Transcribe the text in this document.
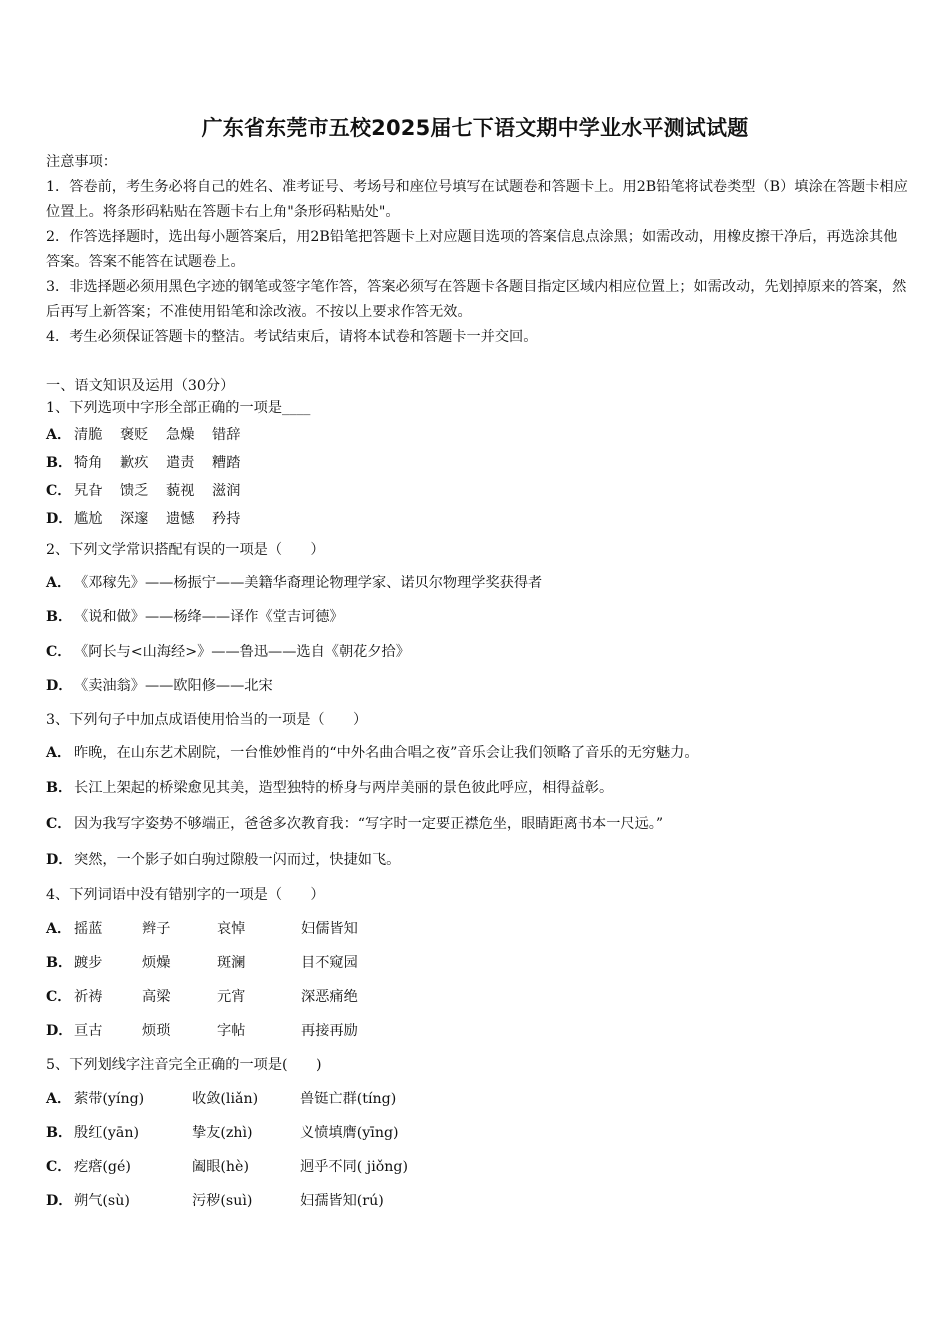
广东省东莞市五校2025届七下语文期中学业水平测试试题

注意事项：

1．答卷前，考生务必将自己的姓名、准考证号、考场号和座位号填写在试题卷和答题卡上。用2B铅笔将试卷类型（B）填涂在答题卡相应位置上。将条形码粘贴在答题卡右上角"条形码粘贴处"。

2．作答选择题时，选出每小题答案后，用2B铅笔把答题卡上对应题目选项的答案信息点涂黑；如需改动，用橡皮擦干净后，再选涂其他答案。答案不能答在试题卷上。

3．非选择题必须用黑色字迹的钢笔或签字笔作答，答案必须写在答题卡各题目指定区域内相应位置上；如需改动，先划掉原来的答案，然后再写上新答案；不准使用铅笔和涂改液。不按以上要求作答无效。

4．考生必须保证答题卡的整洁。考试结束后，请将本试卷和答题卡一并交回。

一、语文知识及运用（30分）
1、下列选项中字形全部正确的一项是____
A． 清脆 褒贬 急燥 错辞
B． 犄角 歉疚 遣责 糟踏
C． 旯旮 馈乏 藐视 滋润
D． 尴尬 深邃 遗憾 矜持
2、下列文学常识搭配有误的一项是（　　）
A． 《邓稼先》——杨振宁——美籍华裔理论物理学家、诺贝尔物理学奖获得者
B． 《说和做》——杨绛——译作《堂吉诃德》
C． 《阿长与<山海经>》——鲁迅——选自《朝花夕拾》
D． 《卖油翁》——欧阳修——北宋
3、下列句子中加点成语使用恰当的一项是（　　）
A． 昨晚，在山东艺术剧院，一台惟妙惟肖的“中外名曲合唱之夜”音乐会让我们领略了音乐的无穷魅力。
B． 长江上架起的桥梁愈见其美，造型独特的桥身与两岸美丽的景色彼此呼应，相得益彰。
C． 因为我写字姿势不够端正，爸爸多次教育我：“写字时一定要正襟危坐，眼睛距离书本一尺远。”
D． 突然，一个影子如白驹过隙般一闪而过，快捷如飞。
4、下列词语中没有错别字的一项是（　　）
A． 摇蓝	辫子	哀悼	妇儒皆知
B． 踱步	烦燥	斑澜	目不窥园
C． 祈祷	高梁	元宵	深恶痛绝
D． 亘古	烦琐	字帖	再接再励
5、下列划线字注音完全正确的一项是(　　)
A． 萦带(yíng)	收敛(liǎn)	兽铤亡群(tíng)
B． 殷红(yān)	挚友(zhì)	义愤填膺(yīng)
C． 疙瘩(gé)	阖眼(hè)	迥乎不同( jiǒng)
D． 朔气(sù)	污秽(suì)	妇孺皆知(rú)
